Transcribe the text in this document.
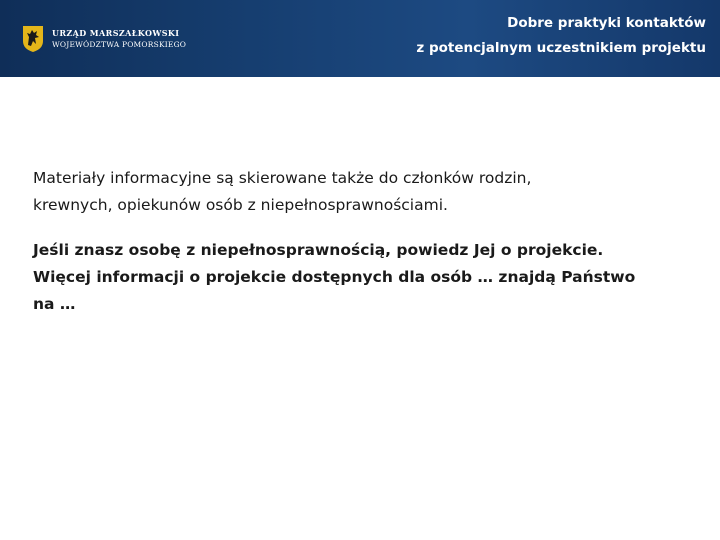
URZĄD MARSZAŁKOWSKI
WOJEWÓDZTWA POMORSKIEGO
Dobre praktyki kontaktów
z potencjalnym uczestnikiem projektu

Materiały informacyjne są skierowane także do członków rodzin,
krewnych, opiekunów osób z niepełnosprawnościami.

Jeśli znasz osobę z niepełnosprawnością, powiedz Jej o projekcie.
Więcej informacji o projekcie dostępnych dla osób … znajdą Państwo
na …
